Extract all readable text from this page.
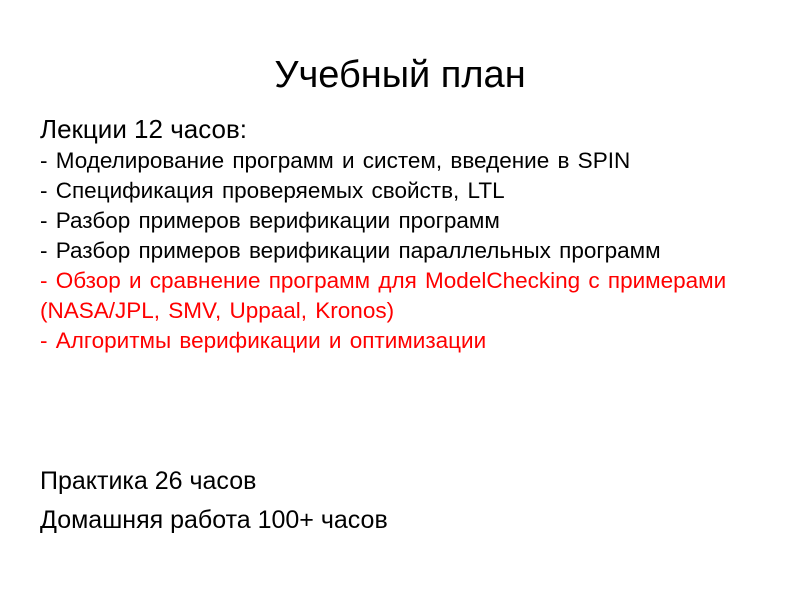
Учебный план
Лекции 12 часов:
- Моделирование программ и систем, введение в SPIN
- Спецификация проверяемых свойств, LTL
- Разбор примеров верификации программ
- Разбор примеров верификации параллельных программ
- Обзор и сравнение программ для ModelChecking с примерами (NASA/JPL, SMV, Uppaal, Kronos)
- Алгоритмы верификации и оптимизации
Практика 26 часов
Домашняя работа 100+ часов
